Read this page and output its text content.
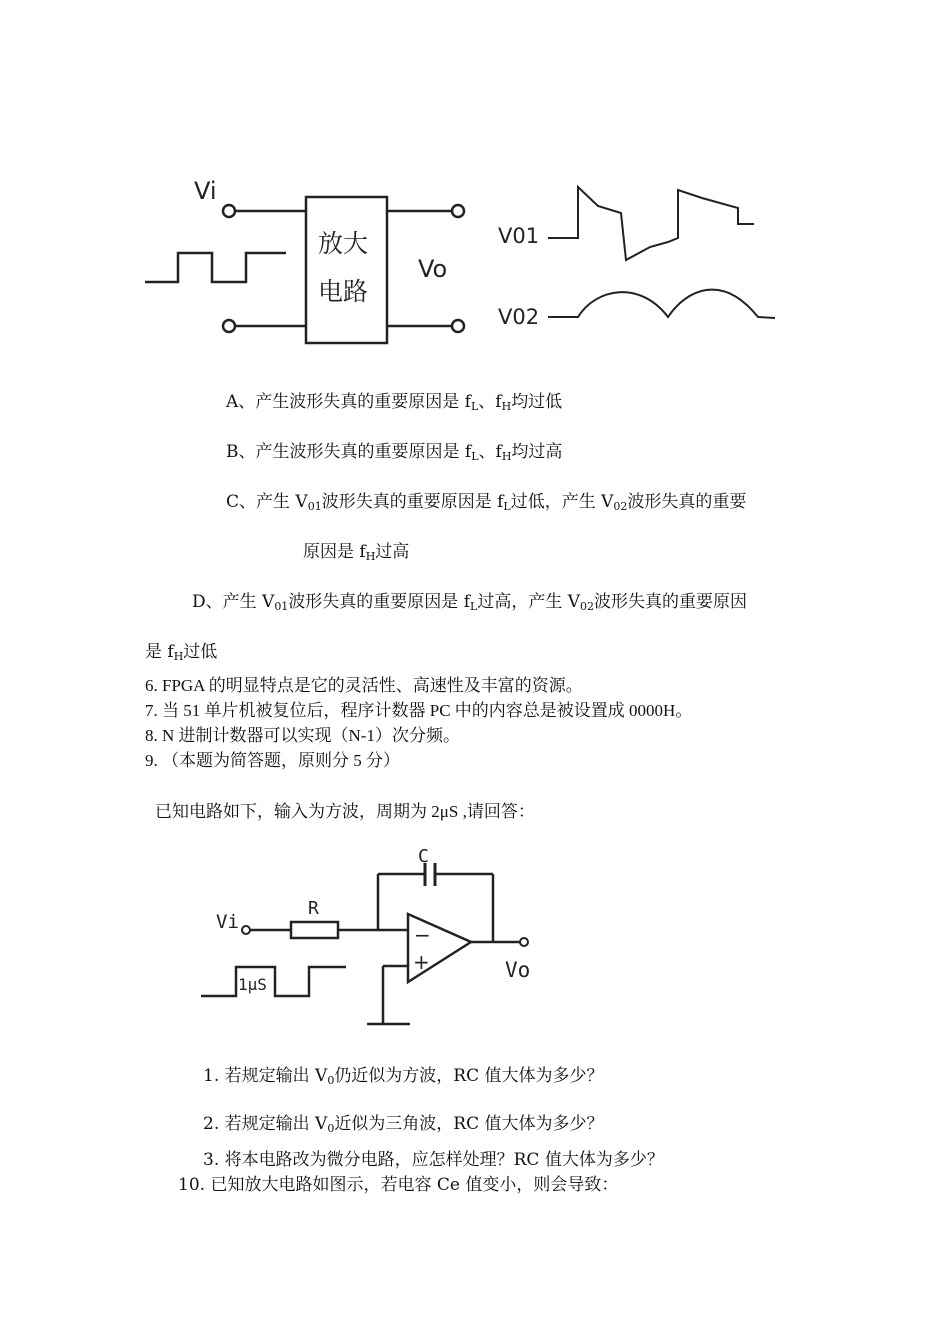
Vi
放大
电路
Vo
V01
V02
A、产生波形失真的重要原因是 $f_L$、$f_H$均过低
B、产生波形失真的重要原因是 $f_L$、$f_H$均过高
C、产生 $V_{01}$波形失真的重要原因是 $f_L$过低，产生 $V_{02}$波形失真的重要
原因是 $f_H$过高
D、产生 $V_{01}$波形失真的重要原因是 $f_L$过高，产生 $V_{02}$波形失真的重要原因
是 $f_H$过低
6. FPGA 的明显特点是它的灵活性、高速性及丰富的资源。
7. 当 51 单片机被复位后，程序计数器 PC 中的内容总是被设置成 0000H。
8. N 进制计数器可以实现（N-1）次分频。
9. （本题为简答题，原则分 5 分）
已知电路如下，输入为方波，周期为 2μS ,请回答：
C
R
Vi
−
+	Vo
1μS
1. 若规定输出 $V_0$仍近似为方波，RC 值大体为多少？
2. 若规定输出 $V_0$近似为三角波，RC 值大体为多少？
3. 将本电路改为微分电路，应怎样处理？RC 值大体为多少？
10. 已知放大电路如图示，若电容 Ce 值变小，则会导致：
